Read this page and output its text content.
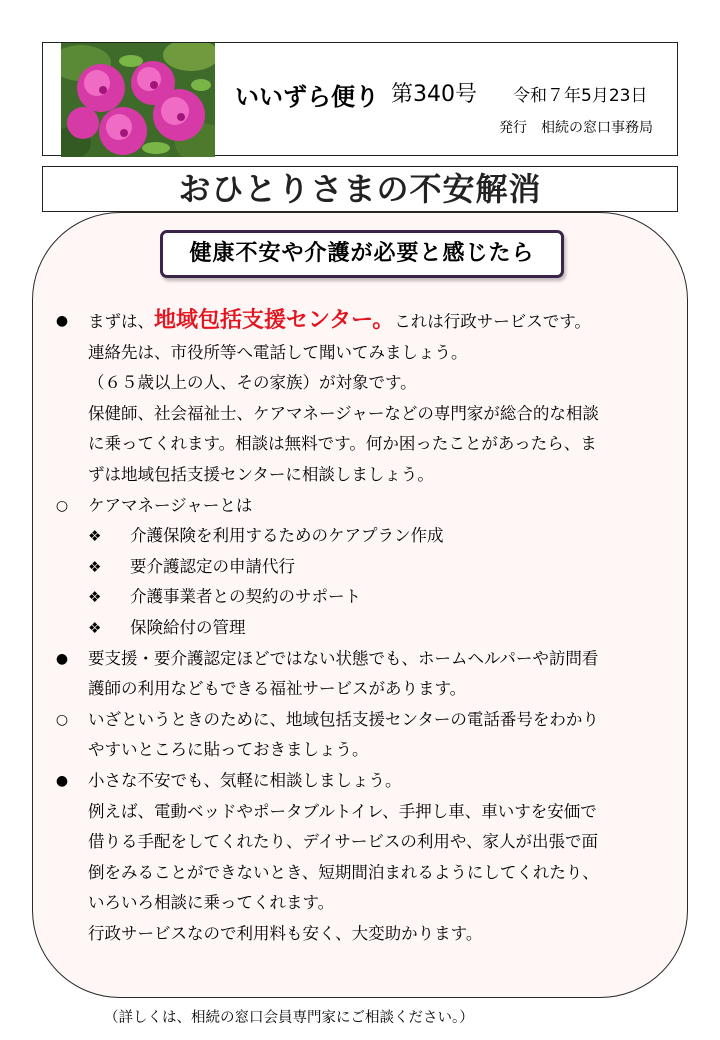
いいずら便り 第340号 令和７年5月23日
発行　相続の窓口事務局
おひとりさまの不安解消
健康不安や介護が必要と感じたら
● まずは、地域包括支援センター。これは行政サービスです。
連絡先は、市役所等へ電話して聞いてみましょう。
（６５歳以上の人、その家族）が対象です。
保健師、社会福祉士、ケアマネージャーなどの専門家が総合的な相談
に乗ってくれます。相談は無料です。何か困ったことがあったら、ま
ずは地域包括支援センターに相談しましょう。
○ ケアマネージャーとは
❖ 介護保険を利用するためのケアプラン作成
❖ 要介護認定の申請代行
❖ 介護事業者との契約のサポート
❖ 保険給付の管理
● 要支援・要介護認定ほどではない状態でも、ホームヘルパーや訪問看
護師の利用などもできる福祉サービスがあります。
○ いざというときのために、地域包括支援センターの電話番号をわかり
やすいところに貼っておきましょう。
● 小さな不安でも、気軽に相談しましょう。
例えば、電動ベッドやポータブルトイレ、手押し車、車いすを安価で
借りる手配をしてくれたり、デイサービスの利用や、家人が出張で面
倒をみることができないとき、短期間泊まれるようにしてくれたり、
いろいろ相談に乗ってくれます。
行政サービスなので利用料も安く、大変助かります。
（詳しくは、相続の窓口会員専門家にご相談ください。）
